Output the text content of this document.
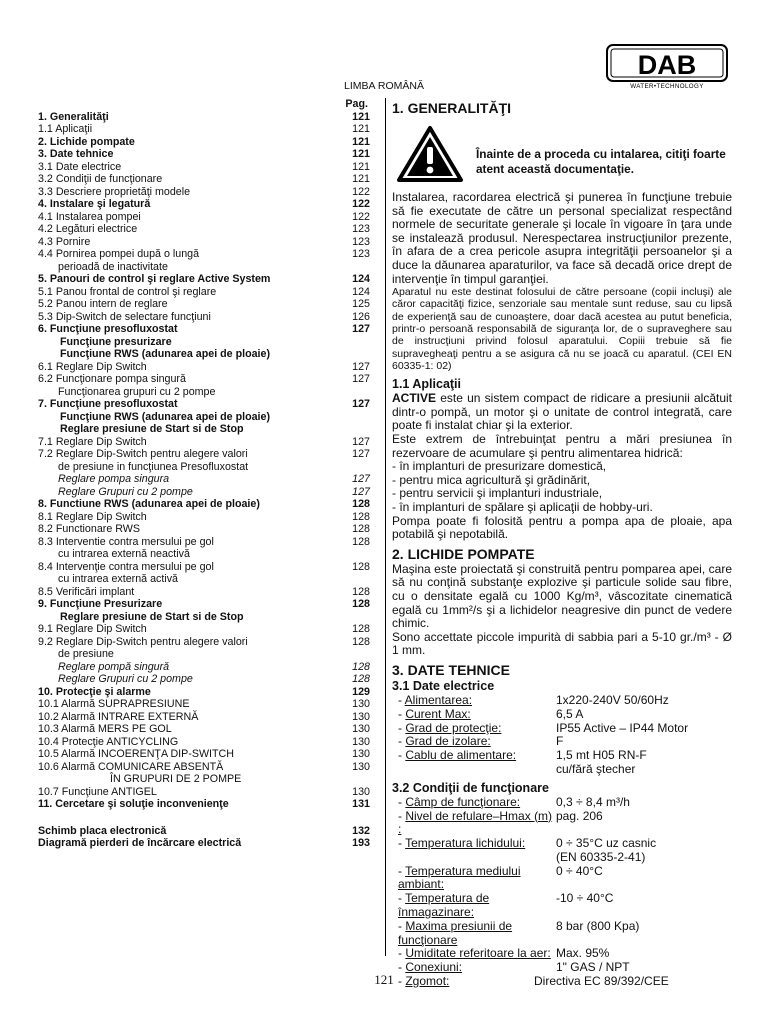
DAB
WATER•TECHNOLOGY
LIMBA ROMÂNĂ
Pag.
1. Generalităţi	121
1.1 Aplicaţii	121
2. Lichide pompate	121
3. Date tehnice	121
3.1 Date electrice	121
3.2 Condiţii de funcţionare	121
3.3 Descriere proprietăţi modele	122
4. Instalare şi legatură	122
4.1 Instalarea pompei	122
4.2 Legături electrice	123
4.3 Pornire	123
4.4 Pornirea pompei după o lungă	123
perioadă de inactivitate
5. Panouri de control şi reglare Active System	124
5.1 Panou frontal de control şi reglare	124
5.2 Panou intern de reglare	125
5.3 Dip-Switch de selectare funcţiuni	126
6. Funcţiune presofluxostat	127
Funcţiune presurizare
Funcţiune RWS (adunarea apei de ploaie)
6.1 Reglare Dip Switch	127
6.2 Funcţionare pompa singură	127
Funcţionarea grupuri cu 2 pompe
7. Funcţiune presofluxostat	127
Funcţiune RWS (adunarea apei de ploaie)
Reglare presiune de Start si de Stop
7.1 Reglare Dip Switch	127
7.2 Reglare Dip-Switch pentru alegere valori	127
de presiune in funcţiunea Presofluxostat
Reglare pompa singura	127
Reglare Grupuri cu 2 pompe	127
8. Functiune RWS (adunarea apei de ploaie)	128
8.1 Reglare Dip Switch	128
8.2 Functionare RWS	128
8.3 Interventie contra mersului pe gol	128
cu intrarea externă neactivă
8.4 Intervenţie contra mersului pe gol	128
cu intrarea externă activă
8.5 Verificări implant	128
9. Funcţiune Presurizare	128
Reglare presiune de Start si de Stop
9.1 Reglare Dip Switch	128
9.2 Reglare Dip-Switch pentru alegere valori	128
de presiune
Reglare pompă singură	128
Reglare Grupuri cu 2 pompe	128
10. Protecţie şi alarme	129
10.1 Alarmă SUPRAPRESIUNE	130
10.2 Alarmă INTRARE EXTERNĂ	130
10.3 Alarmă MERS PE GOL	130
10.4 Protecţie ANTICYCLING	130
10.5 Alarmă INCOERENŢA DIP-SWITCH	130
10.6 Alarmă COMUNICARE ABSENTĂ	130
ÎN GRUPURI DE 2 POMPE
10.7 Funcţiune ANTIGEL	130
11. Cercetare şi soluţie inconvenienţe	131
Schimb placa electronică	132
Diagramă pierderi de încărcare electrică	193
1. GENERALITĂŢI
Înainte de a proceda cu intalarea, citiţi foarte atent această documentaţie.
Instalarea, racordarea electrică şi punerea în funcţiune trebuie să fie executate de către un personal specializat respectând normele de securitate generale şi locale în vigoare în ţara unde se instalează produsul. Nerespectarea instrucţiunilor prezente, în afara de a crea pericole asupra integrităţii persoanelor şi a duce la dăunarea aparaturilor, va face să decadă orice drept de intervenţie în timpul garanţiei.
Aparatul nu este destinat folosului de către persoane (copii incluşi) ale căror capacităţi fizice, senzoriale sau mentale sunt reduse, sau cu lipsă de experienţă sau de cunoaştere, doar dacă acestea au putut beneficia, printr-o persoană responsabilă de siguranţa lor, de o supraveghere sau de instrucţiuni privind folosul aparatului. Copiii trebuie să fie supravegheaţi pentru a se asigura că nu se joacă cu aparatul. (CEI EN 60335-1: 02)
1.1 Aplicaţii
ACTIVE este un sistem compact de ridicare a presiunii alcătuit dintr-o pompă, un motor şi o unitate de control integrată, care poate fi instalat chiar şi la exterior.
Este extrem de întrebuinţat pentru a mări presiunea în rezervoare de acumulare şi pentru alimentarea hidrică:
- în implanturi de presurizare domestică,
- pentru mica agricultură şi grădinărit,
- pentru servicii şi implanturi industriale,
- în implanturi de spălare şi aplicaţii de hobby-uri.
Pompa poate fi folosită pentru a pompa apa de ploaie, apa potabilă şi nepotabilă.
2. LICHIDE POMPATE
Maşina este proiectată şi construită pentru pomparea apei, care să nu conţină substanţe explozive şi particule solide sau fibre, cu o densitate egală cu 1000 Kg/m³, vâscozitate cinematică egală cu 1mm²/s şi a lichidelor neagresive din punct de vedere chimic.
Sono accettate piccole impurità di sabbia pari a 5-10 gr./m³ - Ø 1 mm.
3. DATE TEHNICE
3.1 Date electrice
- Alimentarea:	1x220-240V 50/60Hz
- Curent Max:	6,5 A
- Grad de protecţie:	IP55 Active – IP44 Motor
- Grad de izolare:	F
- Cablu de alimentare:	1,5 mt H05 RN-F
cu/fără ştecher
3.2 Condiţii de funcţionare
- Câmp de funcţionare:	0,3 ÷ 8,4 m³/h
- Nivel de refulare–Hmax (m) :
pag. 206
- Temperatura lichidului:	0 ÷ 35°C uz casnic
(EN 60335-2-41)
- Temperatura mediului ambiant:
0 ÷ 40°C
- Temperatura de înmagazinare:
-10 ÷ 40°C
- Maxima presiunii de funcţionare
8 bar (800 Kpa)
- Umiditate referitoare la aer: Max. 95%
- Conexiuni:	1" GAS / NPT
- Zgomot:	Directiva EC 89/392/CEE
121
